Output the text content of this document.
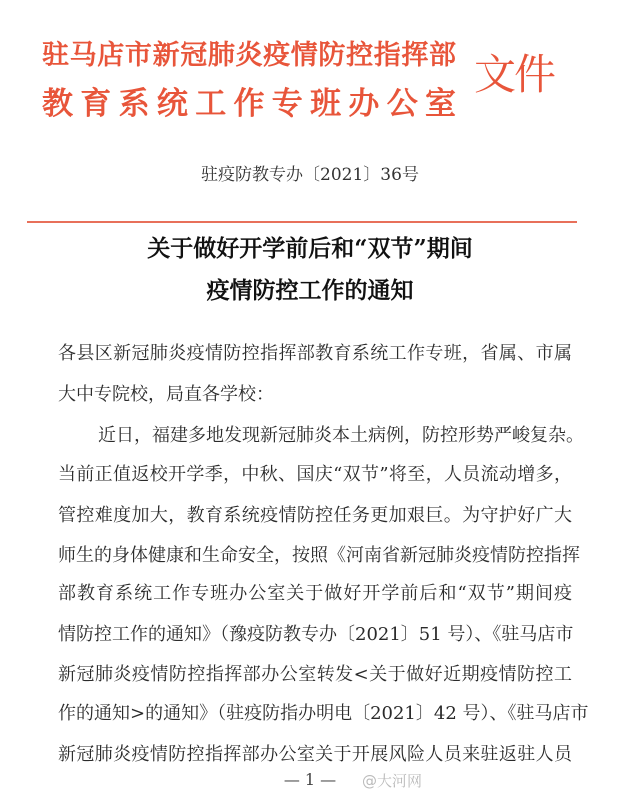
驻马店市新冠肺炎疫情防控指挥部
教育系统工作专班办公室
文件
驻疫防教专办〔2021〕36号
关于做好开学前后和“双节”期间
疫情防控工作的通知
各县区新冠肺炎疫情防控指挥部教育系统工作专班，省属、市属
大中专院校，局直各学校：
近日，福建多地发现新冠肺炎本土病例，防控形势严峻复杂。
当前正值返校开学季，中秋、国庆“双节”将至，人员流动增多，
管控难度加大，教育系统疫情防控任务更加艰巨。为守护好广大
师生的身体健康和生命安全，按照《河南省新冠肺炎疫情防控指挥
部教育系统工作专班办公室关于做好开学前后和“双节”期间疫
情防控工作的通知》（豫疫防教专办〔2021〕51 号）、《驻马店市
新冠肺炎疫情防控指挥部办公室转发<关于做好近期疫情防控工
作的通知>的通知》（驻疫防指办明电〔2021〕42 号）、《驻马店市
新冠肺炎疫情防控指挥部办公室关于开展风险人员来驻返驻人员
— 1 —	@大河网
